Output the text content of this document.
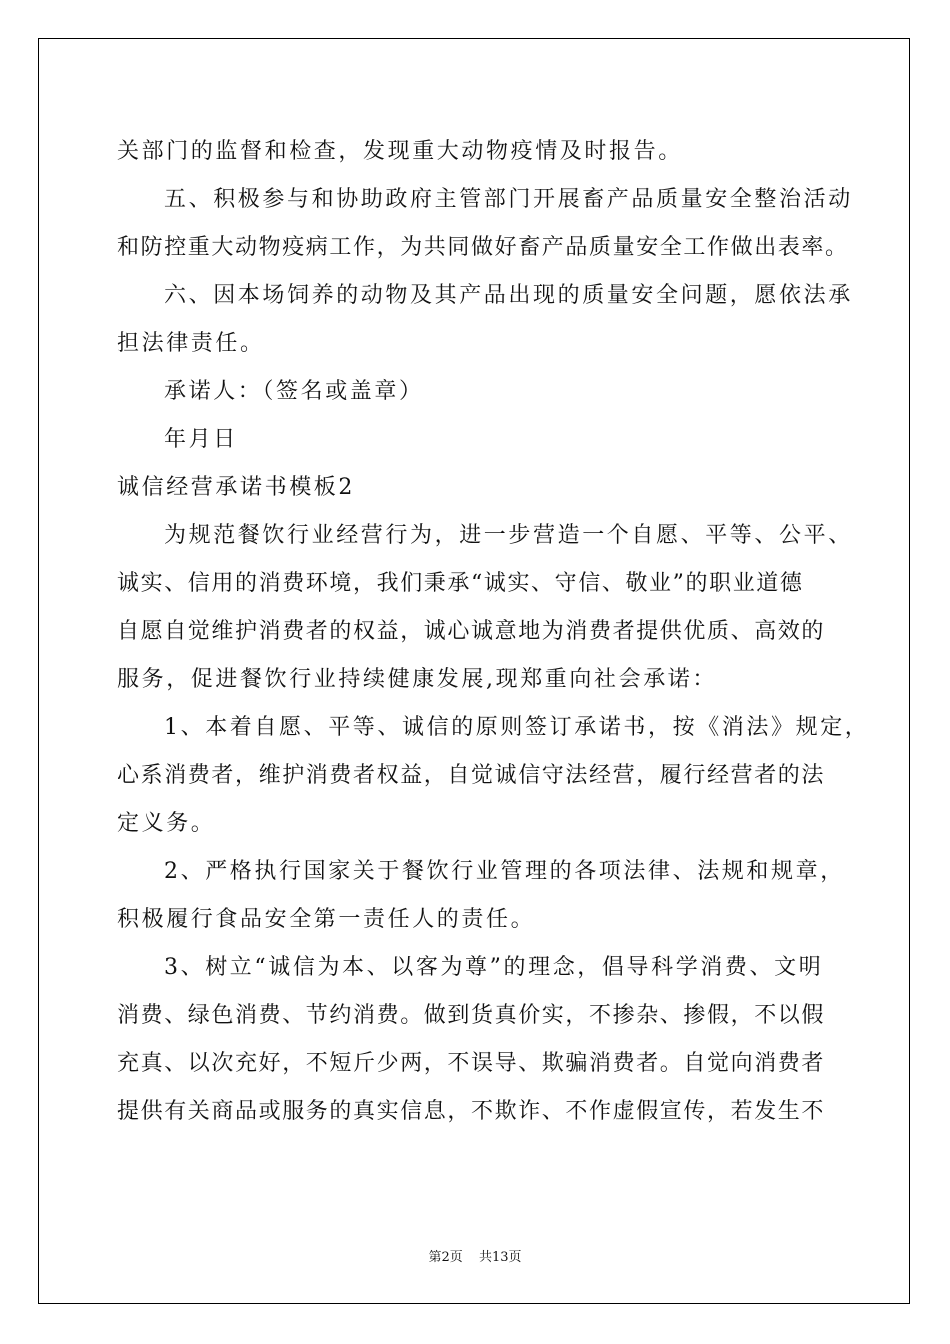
关部门的监督和检查，发现重大动物疫情及时报告。
五、积极参与和协助政府主管部门开展畜产品质量安全整治活动
和防控重大动物疫病工作，为共同做好畜产品质量安全工作做出表率。
六、因本场饲养的动物及其产品出现的质量安全问题，愿依法承
担法律责任。
承诺人：（签名或盖章）
年月日
诚信经营承诺书模板2
为规范餐饮行业经营行为，进一步营造一个自愿、平等、公平、
诚实、信用的消费环境，我们秉承“诚实、守信、敬业”的职业道德
自愿自觉维护消费者的权益，诚心诚意地为消费者提供优质、高效的
服务，促进餐饮行业持续健康发展,现郑重向社会承诺：
1、本着自愿、平等、诚信的原则签订承诺书，按《消法》规定，
心系消费者，维护消费者权益，自觉诚信守法经营，履行经营者的法
定义务。
2、严格执行国家关于餐饮行业管理的各项法律、法规和规章，
积极履行食品安全第一责任人的责任。
3、树立“诚信为本、以客为尊”的理念，倡导科学消费、文明
消费、绿色消费、节约消费。做到货真价实，不掺杂、掺假，不以假
充真、以次充好，不短斤少两，不误导、欺骗消费者。自觉向消费者
提供有关商品或服务的真实信息，不欺诈、不作虚假宣传，若发生不
第2页 共13页
